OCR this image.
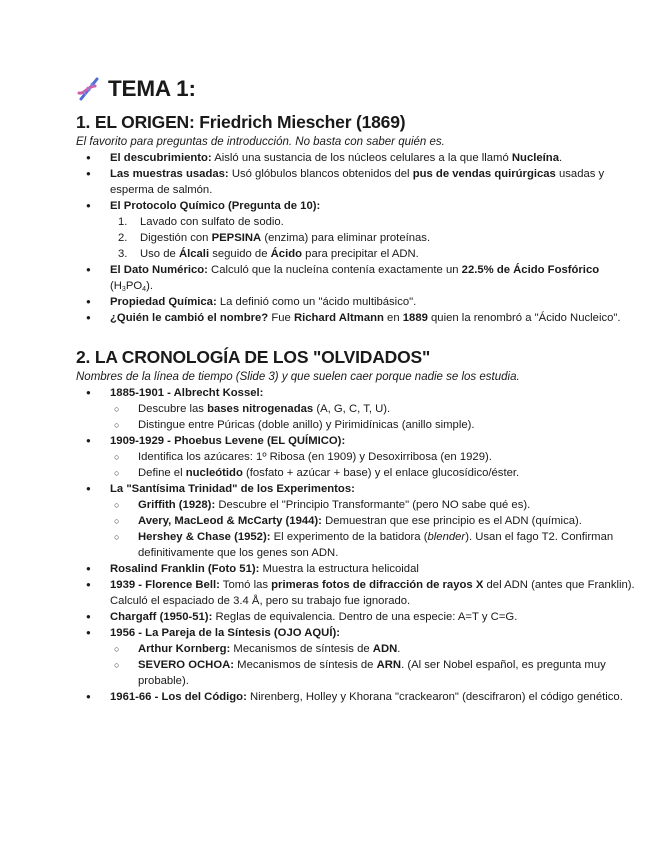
TEMA 1:
1. EL ORIGEN: Friedrich Miescher (1869)

El favorito para preguntas de introducción. No basta con saber quién es.

● El descubrimiento: Aisló una sustancia de los núcleos celulares a la que llamó Nucleína.
● Las muestras usadas: Usó glóbulos blancos obtenidos del pus de vendas quirúrgicas usadas y esperma de salmón.
● El Protocolo Químico (Pregunta de 10):
1. Lavado con sulfato de sodio.
2. Digestión con PEPSINA (enzima) para eliminar proteínas.
3. Uso de Álcali seguido de Ácido para precipitar el ADN.
● El Dato Numérico: Calculó que la nucleína contenía exactamente un 22.5% de Ácido Fosfórico $(H_3PO_4)$.
● Propiedad Química: La definió como un "ácido multibásico".
● ¿Quién le cambió el nombre? Fue Richard Altmann en 1889 quien la renombró a "Ácido Nucleico".
2. LA CRONOLOGÍA DE LOS "OLVIDADOS"

Nombres de la línea de tiempo (Slide 3) y que suelen caer porque nadie se los estudia.

● 1885-1901 - Albrecht Kossel:
○ Descubre las bases nitrogenadas (A, G, C, T, U).
○ Distingue entre Púricas (doble anillo) y Pirimidínicas (anillo simple).
● 1909-1929 - Phoebus Levene (EL QUÍMICO):
○ Identifica los azúcares: 1º Ribosa (en 1909) y Desoxirribosa (en 1929).
○ Define el nucleótido (fosfato + azúcar + base) y el enlace glucosídico/éster.
● La "Santísima Trinidad" de los Experimentos:
○ Griffith (1928): Descubre el "Principio Transformante" (pero NO sabe qué es).
○ Avery, MacLeod & McCarty (1944): Demuestran que ese principio es el ADN (química).
○ Hershey & Chase (1952): El experimento de la batidora (blender). Usan el fago T2. Confirman definitivamente que los genes son ADN.
● Rosalind Franklin (Foto 51): Muestra la estructura helicoidal
● 1939 - Florence Bell: Tomó las primeras fotos de difracción de rayos X del ADN (antes que Franklin). Calculó el espaciado de 3.4 Å, pero su trabajo fue ignorado.
● Chargaff (1950-51): Reglas de equivalencia. Dentro de una especie: A=T y C=G.
● 1956 - La Pareja de la Síntesis (OJO AQUÍ):
○ Arthur Kornberg: Mecanismos de síntesis de ADN.
○ SEVERO OCHOA: Mecanismos de síntesis de ARN. (Al ser Nobel español, es pregunta muy probable).
● 1961-66 - Los del Código: Nirenberg, Holley y Khorana "crackearon" (descifraron) el código genético.
